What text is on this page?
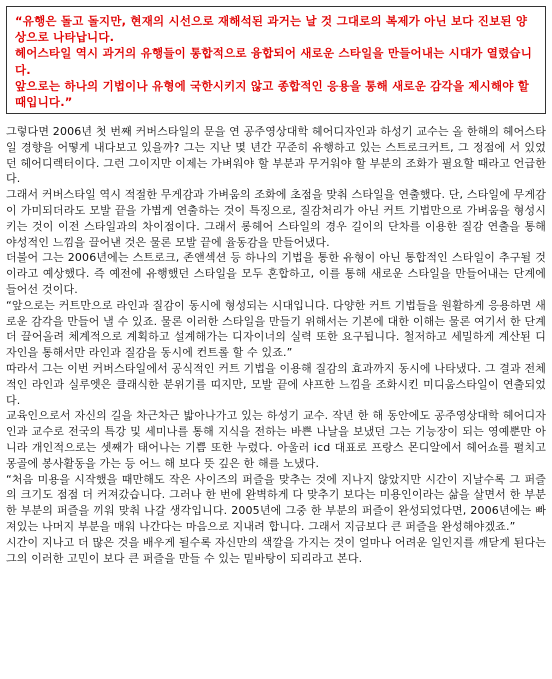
“유행은 돌고 돌지만, 현재의 시선으로 재해석된 과거는 날 것 그대로의 복제가 아닌 보다 진보된 양상으로 나타납니다.

헤어스타일 역시 과거의 유행들이 통합적으로 융합되어 새로운 스타일을 만들어내는 시대가 열렸습니다.

앞으로는 하나의 기법이나 유형에 국한시키지 않고 종합적인 응용을 통해 새로운 감각을 제시해야 할 때입니다.”

그렇다면 2006년 첫 번째 커버스타일의 문을 연 공주영상대학 헤어디자인과 하성기 교수는 올 한해의 헤어스타일 경향을 어떻게 내다보고 있을까? 그는 지난 몇 년간 꾸준히 유행하고 있는 스트로크커트, 그 정점에 서 있었던 헤어디렉터이다. 그런 그이지만 이제는 가벼워야 할 부분과 무거워야 할 부분의 조화가 필요할 때라고 언급한다.

그래서 커버스타일 역시 적절한 무게감과 가벼움의 조화에 초점을 맞춰 스타일을 연출했다. 단, 스타일에 무게감이 가미되더라도 모발 끝을 가볍게 연출하는 것이 특징으로, 질감처리가 아닌 커트 기법만으로 가벼움을 형성시키는 것이 이전 스타일과의 차이점이다. 그래서 롱헤어 스타일의 경우 길이의 단차를 이용한 질감 연출을 통해 야성적인 느낌을 끌어낸 것은 물론 모발 끝에 율동감을 만들어냈다.

더불어 그는 2006년에는 스트로크, 존앤섹션 등 하나의 기법을 통한 유형이 아닌 통합적인 스타일이 추구될 것이라고 예상했다. 즉 예전에 유행했던 스타일을 모두 혼합하고, 이를 통해 새로운 스타일을 만들어내는 단계에 들어선 것이다.

“앞으로는 커트만으로 라인과 질감이 동시에 형성되는 시대입니다. 다양한 커트 기법들을 원활하게 응용하면 새로운 감각을 만들어 낼 수 있죠. 물론 이러한 스타일을 만들기 위해서는 기본에 대한 이해는 물론 여기서 한 단계 더 끌어올려 체계적으로 계획하고 설계해가는 디자이너의 실력 또한 요구됩니다. 철저하고 세밀하게 계산된 디자인을 통해서만 라인과 질감을 동시에 컨트롤 할 수 있죠.”

따라서 그는 이번 커버스타일에서 공식적인 커트 기법을 이용해 질감의 효과까지 동시에 나타냈다. 그 결과 전체적인 라인과 실루엣은 클래식한 분위기를 띠지만, 모발 끝에 샤프한 느낌을 조화시킨 미디움스타일이 연출되었다.

교육인으로서 자신의 길을 차근차근 밟아나가고 있는 하성기 교수. 작년 한 해 동안에도 공주영상대학 헤어디자인과 교수로 전국의 특강 및 세미나를 통해 지식을 전하는 바쁜 나날을 보냈던 그는 기능장이 되는 영예뿐만 아니라 개인적으로는 셋째가 태어나는 기쁨 또한 누렸다. 아울러 icd 대표로 프랑스 몬디알에서 헤어쇼를 펼치고 몽골에 봉사활동을 가는 등 어느 해 보다 뜻 깊은 한 해를 노냈다.

“처음 미용을 시작했을 때만해도 작은 사이즈의 퍼즐을 맞추는 것에 지나지 않았지만 시간이 지날수록 그 퍼즐의 크기도 점점 더 커져갔습니다. 그러나 한 번에 완벽하게 다 맞추기 보다는 미용인이라는 삶을 살면서 한 부분 한 부분의 퍼즐을 끼워 맞춰 나갈 생각입니다. 2005년에 그중 한 부분의 퍼즐이 완성되었다면, 2006년에는 빠져있는 나머지 부분을 매워 나간다는 마음으로 지내려 합니다. 그래서 지금보다 큰 퍼즐을 완성해야겠죠.”

시간이 지나고 더 많은 것을 배우게 될수록 자신만의 색깔을 가지는 것이 얼마나 어려운 일인지를 깨닫게 된다는 그의 이러한 고민이 보다 큰 퍼즐을 만들 수 있는 밑바탕이 되리라고 본다.
